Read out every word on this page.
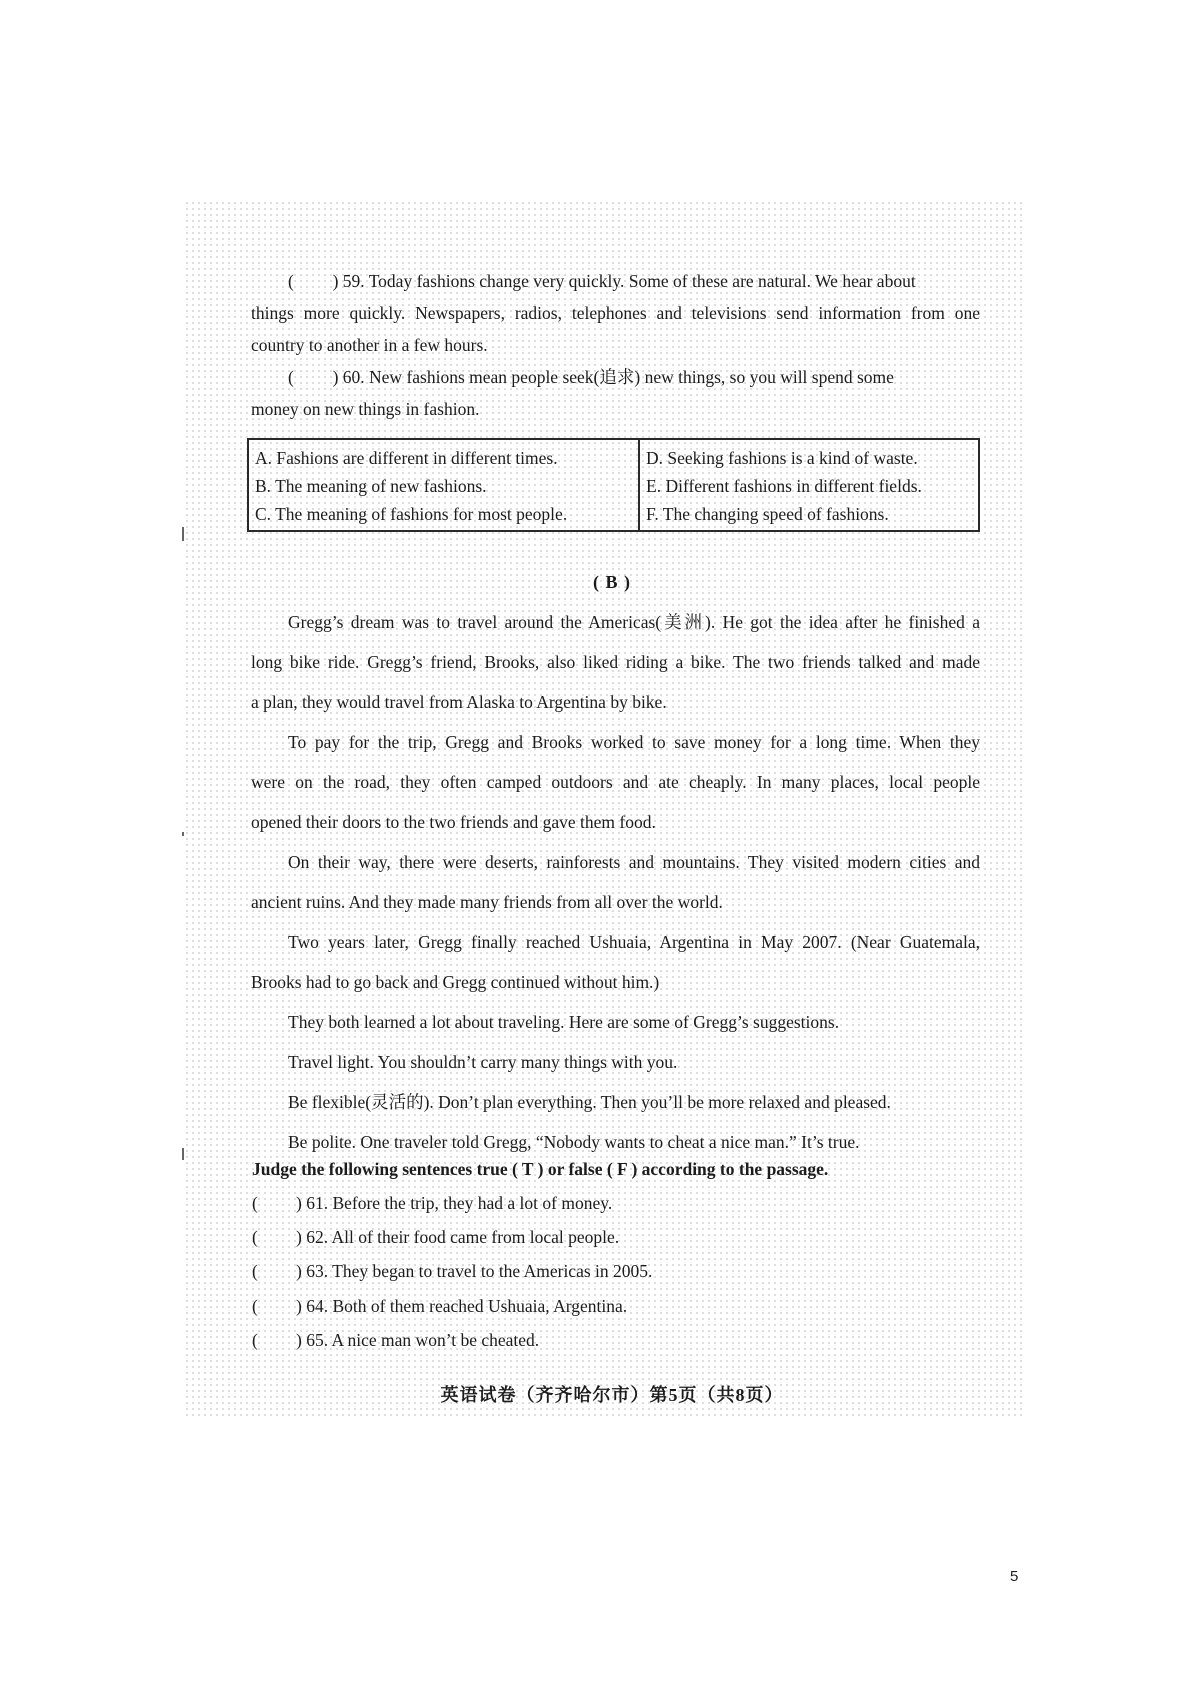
( ) 59. Today fashions change very quickly. Some of these are natural. We hear about
things more quickly. Newspapers, radios, telephones and televisions send information from one
country to another in a few hours.
( ) 60. New fashions mean people seek(追求) new things, so you will spend some
money on new things in fashion.
A. Fashions are different in different times.
B. The meaning of new fashions.
C. The meaning of fashions for most people.
D. Seeking fashions is a kind of waste.
E. Different fashions in different fields.
F. The changing speed of fashions.
( B )
Gregg’s dream was to travel around the Americas(美洲). He got the idea after he finished a
long bike ride. Gregg’s friend, Brooks, also liked riding a bike. The two friends talked and made
a plan, they would travel from Alaska to Argentina by bike.
To pay for the trip, Gregg and Brooks worked to save money for a long time. When they
were on the road, they often camped outdoors and ate cheaply. In many places, local people
opened their doors to the two friends and gave them food.
On their way, there were deserts, rainforests and mountains. They visited modern cities and
ancient ruins. And they made many friends from all over the world.
Two years later, Gregg finally reached Ushuaia, Argentina in May 2007. (Near Guatemala,
Brooks had to go back and Gregg continued without him.)
They both learned a lot about traveling. Here are some of Gregg’s suggestions.
Travel light. You shouldn’t carry many things with you.
Be flexible(灵活的). Don’t plan everything. Then you’ll be more relaxed and pleased.
Be polite. One traveler told Gregg, “Nobody wants to cheat a nice man.” It’s true.
Judge the following sentences true ( T ) or false ( F ) according to the passage.
( ) 61. Before the trip, they had a lot of money.
( ) 62. All of their food came from local people.
( ) 63. They began to travel to the Americas in 2005.
( ) 64. Both of them reached Ushuaia, Argentina.
( ) 65. A nice man won’t be cheated.
英语试卷（齐齐哈尔市）第5页（共8页）
5
